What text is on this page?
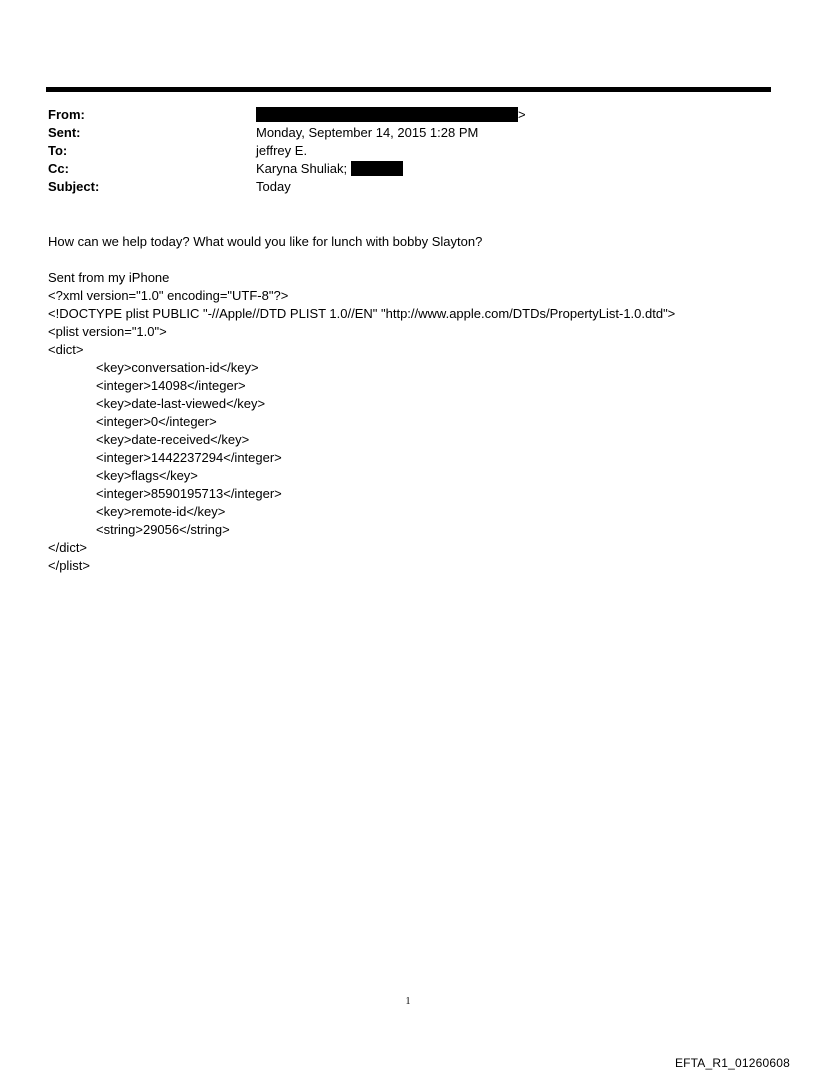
From:	>
Sent:	Monday, September 14, 2015 1:28 PM
To:	jeffrey E.
Cc:	Karyna Shuliak;
Subject:	Today
How can we help today? What would you like for lunch with bobby Slayton?
Sent from my iPhone
<?xml version="1.0" encoding="UTF-8"?>
<!DOCTYPE plist PUBLIC "-//Apple//DTD PLIST 1.0//EN" "http://www.apple.com/DTDs/PropertyList-1.0.dtd">
<plist version="1.0">
<dict>
<key>conversation-id</key>
<integer>14098</integer>
<key>date-last-viewed</key>
<integer>0</integer>
<key>date-received</key>
<integer>1442237294</integer>
<key>flags</key>
<integer>8590195713</integer>
<key>remote-id</key>
<string>29056</string>
</dict>
</plist>
1
EFTA_R1_01260608
